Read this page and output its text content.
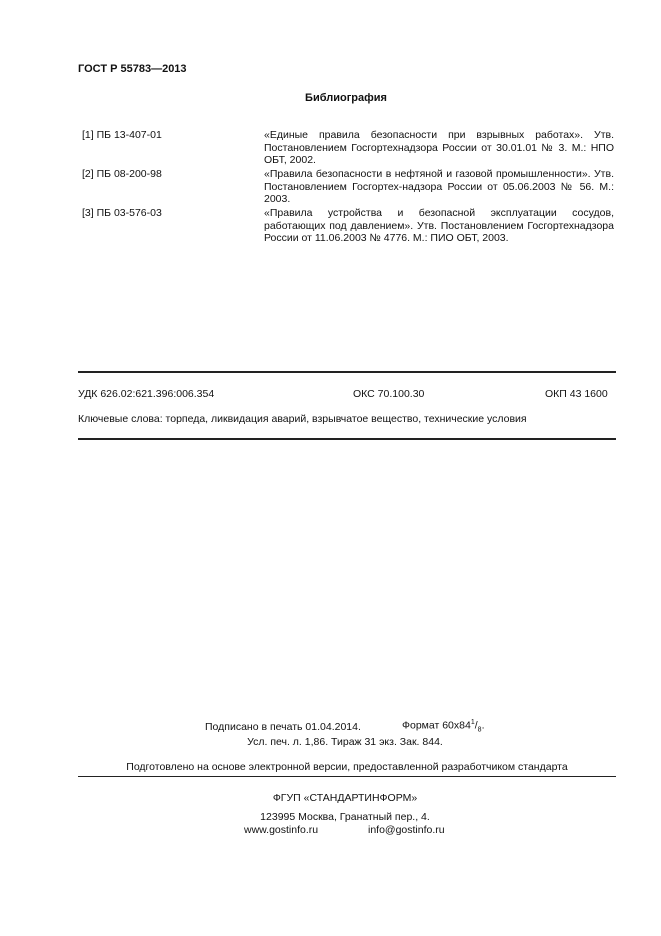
ГОСТ Р 55783—2013
Библиография
[1] ПБ 13-407-01	«Единые правила безопасности при взрывных работах». Утв. Постановлением Госгортехнадзора России от 30.01.01 № 3. М.: НПО ОБТ, 2002.
[2] ПБ 08-200-98	«Правила безопасности в нефтяной и газовой промышленности». Утв. Постановлением Госгортех-надзора России от 05.06.2003 № 56. М.: 2003.
[3] ПБ 03-576-03	«Правила устройства и безопасной эксплуатации сосудов, работающих под давлением». Утв. Постановлением Госгортехнадзора России от 11.06.2003 № 4776. М.: ПИО ОБТ, 2003.
УДК 626.02:621.396:006.354	ОКС 70.100.30	ОКП 43 1600
Ключевые слова: торпеда, ликвидация аварий, взрывчатое вещество, технические условия
Подписано в печать 01.04.2014.	Формат $60х84^1/_8$.
Усл. печ. л. 1,86. Тираж 31 экз. Зак. 844.
Подготовлено на основе электронной версии, предоставленной разработчиком стандарта
ФГУП «СТАНДАРТИНФОРМ»
123995 Москва, Гранатный пер., 4.
www.gostinfo.ru	info@gostinfo.ru
